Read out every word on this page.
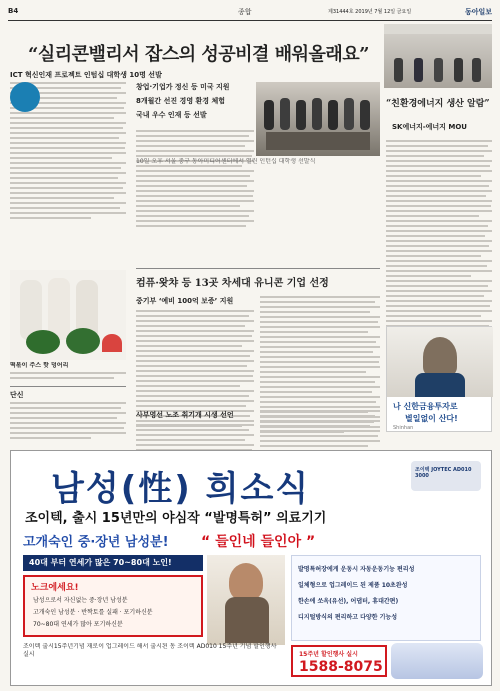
B4	종합	제31444호 2019년 7월 12일 금요일	동아일보
“실리콘밸리서 잡스의 성공비결 배워올래요”
ICT 혁신인재 프로젝트 인텀십 대학생 10명 선발
창업·기업가 정신 등 미국 지원
8개월간 선진 경영 환경 체험
국내 우수 인재 등 선발
10일 오후 서울 중구 동아미디어센터에서 열린 인턴십 대학생 선발식
“친환경에너지 생산 알람”
SK에너지-에너지 MOU
컴퓨·왓챠 등 13곳 차세대 유니콘 기업 선정
중기부 ‘예비 100억 보증’ 지원
사부영선 노조 취기개 시생 선언
떡볶이 주스 핫 덩어리
단신
나 신한금융투자로
별일없이 산다!
Shinhan
남성(性) 희소식	조이텍 JOYTEC AD010 3000
조이텍, 출시 15년만의 야심작 “발명특허” 의료기기
고개숙인 중·장년 남성분! “ 들인네 들인아 ”
40대 부터 연세가 많은 70~80대 노인!
노크에세요!
남성으로서 자신없는 중·장년 남성분
고개숙인 남성분 · 반짝토를 실패 · 포기하신분
70~80대 연세가 많아 포기하신분
발명특허장에게 운동시 자동운동기능 편리성
일체형으로 업그레이드 된 제품 10초완성
한손에 쏘옥(유선), 어댑터, 휴대간편)
디지털방식의 편리하고 다양한 기능성
15주년 할인행사 실시
1588-8075
조이텍 출시15주년기념 재로이 업그레이드 해서 출시된 동 조이텍 AD010 15주년 기념 할인행사 실시
